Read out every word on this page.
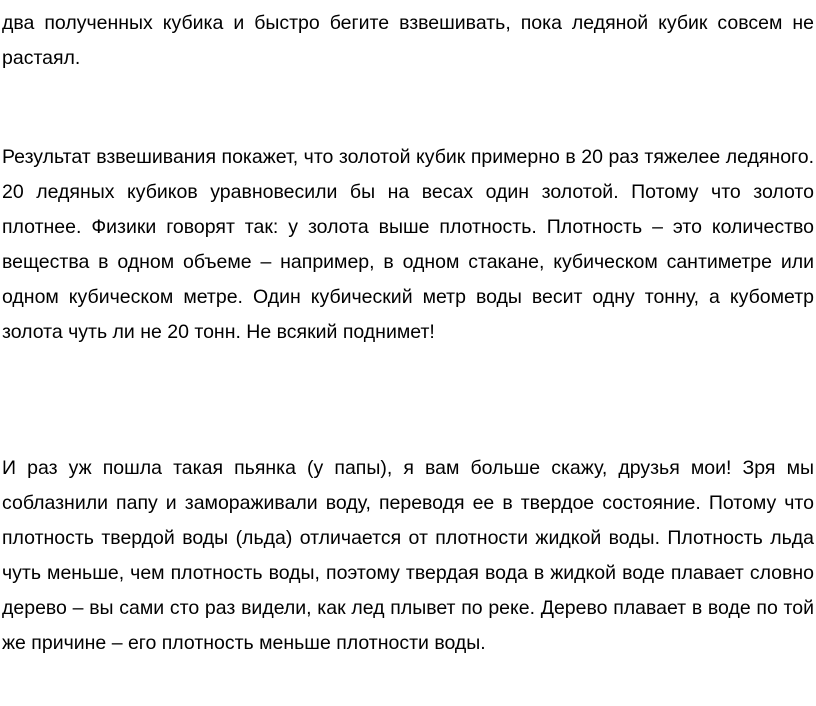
два полученных кубика и быстро бегите взвешивать, пока ледяной кубик совсем не растаял.

Результат взвешивания покажет, что золотой кубик примерно в 20 раз тяжелее ледяного. 20 ледяных кубиков уравновесили бы на весах один золотой. Потому что золото плотнее. Физики говорят так: у золота выше плотность. Плотность – это количество вещества в одном объеме – например, в одном стакане, кубическом сантиметре или одном кубическом метре. Один кубический метр воды весит одну тонну, а кубометр золота чуть ли не 20 тонн. Не всякий поднимет!

И раз уж пошла такая пьянка (у папы), я вам больше скажу, друзья мои! Зря мы соблазнили папу и замораживали воду, переводя ее в твердое состояние. Потому что плотность твердой воды (льда) отличается от плотности жидкой воды. Плотность льда чуть меньше, чем плотность воды, поэтому твердая вода в жидкой воде плавает словно дерево – вы сами сто раз видели, как лед плывет по реке. Дерево плавает в воде по той же причине – его плотность меньше плотности воды.
